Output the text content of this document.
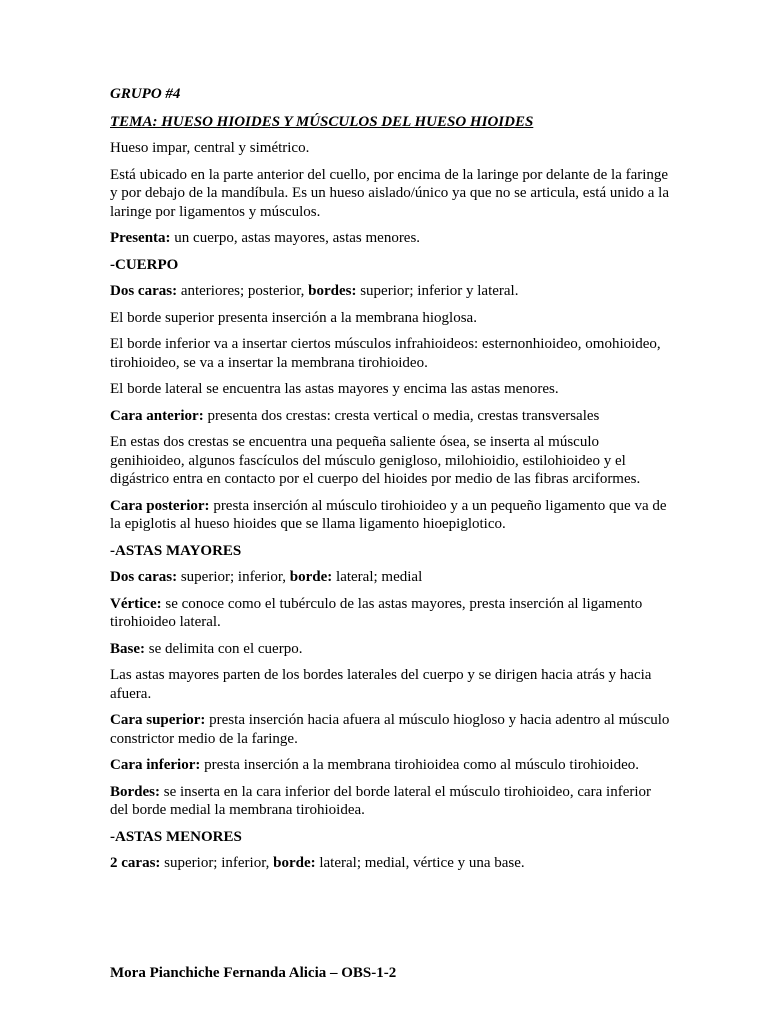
GRUPO #4

TEMA: HUESO HIOIDES Y MÚSCULOS DEL HUESO HIOIDES

Hueso impar, central y simétrico.

Está ubicado en la parte anterior del cuello, por encima de la laringe por delante de la faringe y por debajo de la mandíbula. Es un hueso aislado/único ya que no se articula, está unido a la laringe por ligamentos y músculos.

Presenta: un cuerpo, astas mayores, astas menores.

-CUERPO

Dos caras: anteriores; posterior, bordes: superior; inferior y lateral.

El borde superior presenta inserción a la membrana hioglosa.

El borde inferior va a insertar ciertos músculos infrahioideos: esternonhioideo, omohioideo, tirohioideo, se va a insertar la membrana tirohioideo.

El borde lateral se encuentra las astas mayores y encima las astas menores.

Cara anterior: presenta dos crestas: cresta vertical o media, crestas transversales

En estas dos crestas se encuentra una pequeña saliente ósea, se inserta al músculo genihioideo, algunos fascículos del músculo genigloso, milohioidio, estilohioideo y el digástrico entra en contacto por el cuerpo del hioides por medio de las fibras arciformes.

Cara posterior: presta inserción al músculo tirohioideo y a un pequeño ligamento que va de la epiglotis al hueso hioides que se llama ligamento hioepiglotico.

-ASTAS MAYORES

Dos caras: superior; inferior, borde: lateral; medial

Vértice: se conoce como el tubérculo de las astas mayores, presta inserción al ligamento tirohioideo lateral.

Base: se delimita con el cuerpo.

Las astas mayores parten de los bordes laterales del cuerpo y se dirigen hacia atrás y hacia afuera.

Cara superior: presta inserción hacia afuera al músculo hiogloso y hacia adentro al músculo constrictor medio de la faringe.

Cara inferior: presta inserción a la membrana tirohioidea como al músculo tirohioideo.

Bordes: se inserta en la cara inferior del borde lateral el músculo tirohioideo, cara inferior del borde medial la membrana tirohioidea.

-ASTAS MENORES

2 caras: superior; inferior, borde: lateral; medial, vértice y una base.

Mora Pianchiche Fernanda Alicia – OBS-1-2
